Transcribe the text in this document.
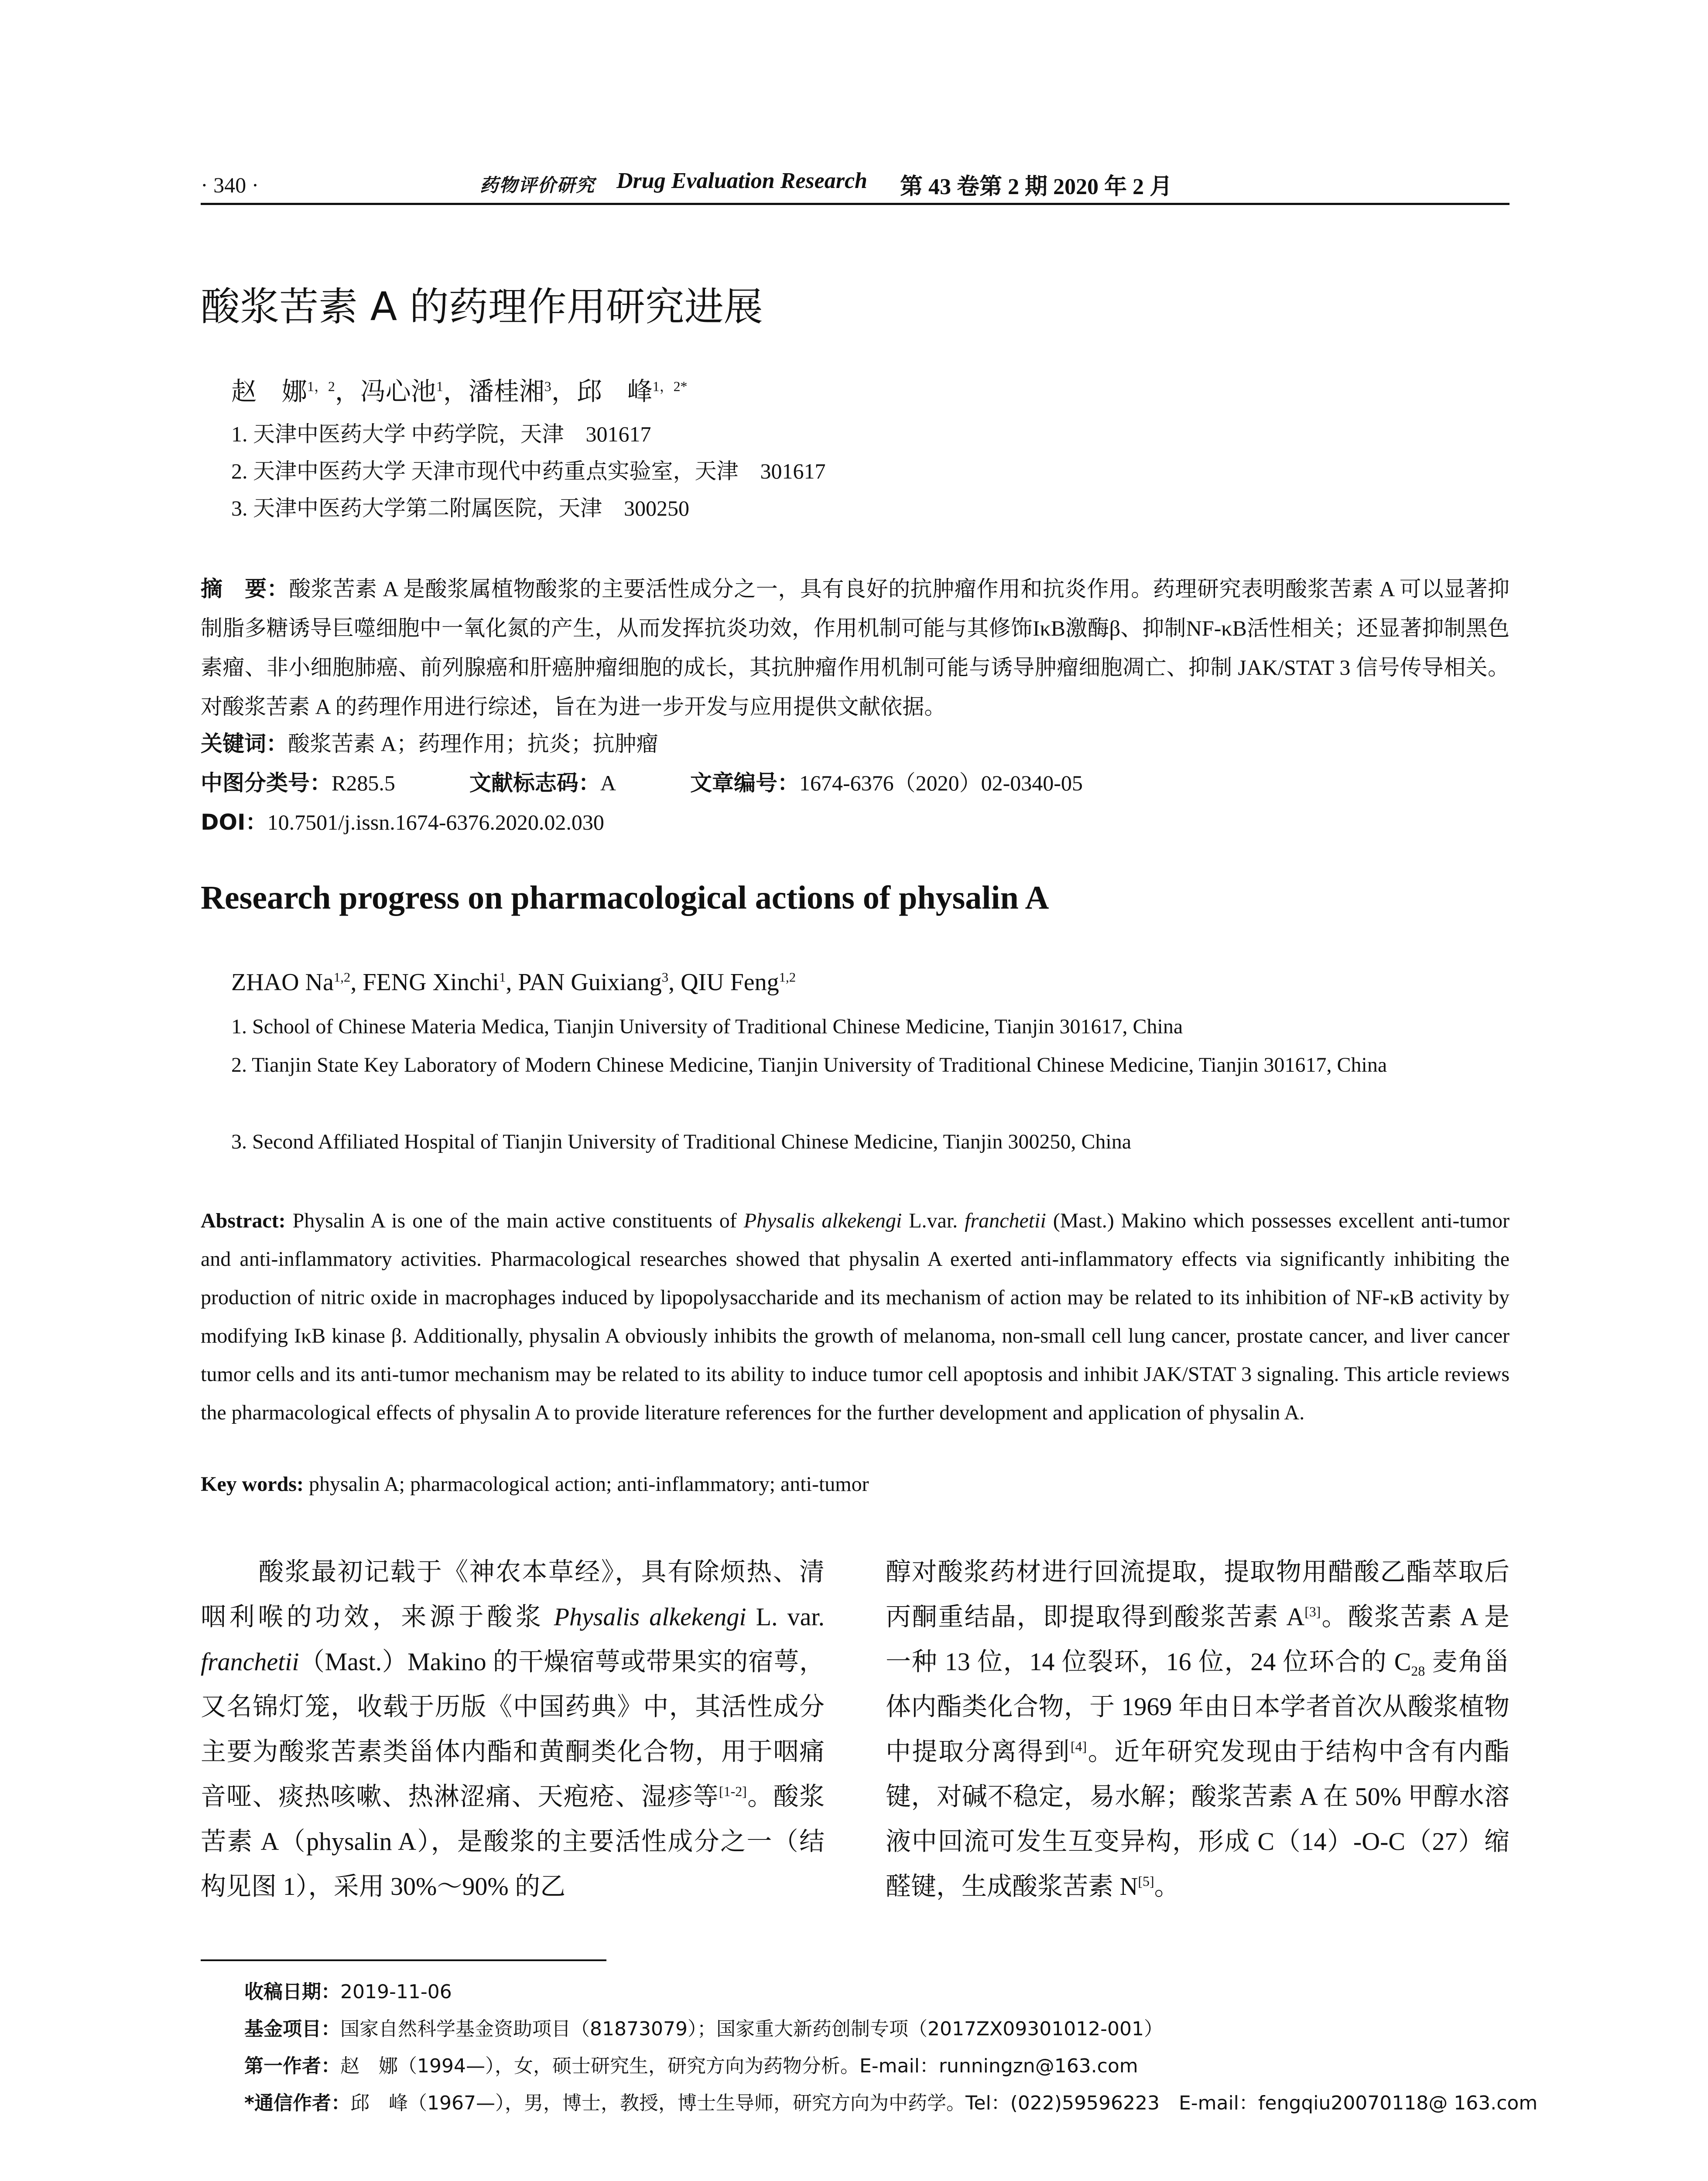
· 340 ·	药物评价研究 Drug Evaluation Research 第 43 卷第 2 期 2020 年 2 月
酸浆苦素 A 的药理作用研究进展
赵　娜$^{1,2}$，冯心池$^1$，潘桂湘$^3$，邱　峰$^{1,2*}$
1. 天津中医药大学 中药学院，天津　301617
2. 天津中医药大学 天津市现代中药重点实验室，天津　301617
3. 天津中医药大学第二附属医院，天津　300250
摘　要：酸浆苦素 A 是酸浆属植物酸浆的主要活性成分之一，具有良好的抗肿瘤作用和抗炎作用。药理研究表明酸浆苦素 A 可以显著抑制脂多糖诱导巨噬细胞中一氧化氮的产生，从而发挥抗炎功效，作用机制可能与其修饰IκB激酶β、抑制NF-κB活性相关；还显著抑制黑色素瘤、非小细胞肺癌、前列腺癌和肝癌肿瘤细胞的成长，其抗肿瘤作用机制可能与诱导肿瘤细胞凋亡、抑制 JAK/STAT 3 信号传导相关。对酸浆苦素 A 的药理作用进行综述，旨在为进一步开发与应用提供文献依据。
关键词：酸浆苦素 A；药理作用；抗炎；抗肿瘤
中图分类号：R285.5	文献标志码：A	文章编号：1674-6376（2020）02-0340-05
DOI：10.7501/j.issn.1674-6376.2020.02.030
Research progress on pharmacological actions of physalin A
ZHAO Na$^{1,2}$, FENG Xinchi$^1$, PAN Guixiang$^3$, QIU Feng$^{1,2}$
1. School of Chinese Materia Medica, Tianjin University of Traditional Chinese Medicine, Tianjin 301617, China
2. Tianjin State Key Laboratory of Modern Chinese Medicine, Tianjin University of Traditional Chinese Medicine, Tianjin 301617, China
3. Second Affiliated Hospital of Tianjin University of Traditional Chinese Medicine, Tianjin 300250, China
Abstract: Physalin A is one of the main active constituents of Physalis alkekengi L.var. franchetii (Mast.) Makino which possesses excellent anti-tumor and anti-inflammatory activities. Pharmacological researches showed that physalin A exerted anti-inflammatory effects via significantly inhibiting the production of nitric oxide in macrophages induced by lipopolysaccharide and its mechanism of action may be related to its inhibition of NF-κB activity by modifying IκB kinase β. Additionally, physalin A obviously inhibits the growth of melanoma, non-small cell lung cancer, prostate cancer, and liver cancer tumor cells and its anti-tumor mechanism may be related to its ability to induce tumor cell apoptosis and inhibit JAK/STAT 3 signaling. This article reviews the pharmacological effects of physalin A to provide literature references for the further development and application of physalin A.
Key words: physalin A; pharmacological action; anti-inflammatory; anti-tumor
酸浆最初记载于《神农本草经》，具有除烦热、清咽利喉的功效，来源于酸浆 Physalis alkekengi L. var. franchetii（Mast.）Makino 的干燥宿萼或带果实的宿萼，又名锦灯笼，收载于历版《中国药典》中，其活性成分主要为酸浆苦素类甾体内酯和黄酮类化合物，用于咽痛音哑、痰热咳嗽、热淋涩痛、天疱疮、湿疹等[1-2]。酸浆苦素 A（physalin A），是酸浆的主要活性成分之一（结构见图 1），采用 30%～90% 的乙
醇对酸浆药材进行回流提取，提取物用醋酸乙酯萃取后丙酮重结晶，即提取得到酸浆苦素 A[3]。酸浆苦素 A 是一种 13 位，14 位裂环，16 位，24 位环合的 $C_{28}$ 麦角甾体内酯类化合物，于 1969 年由日本学者首次从酸浆植物中提取分离得到[4]。近年研究发现由于结构中含有内酯键，对碱不稳定，易水解；酸浆苦素 A 在 50% 甲醇水溶液中回流可发生互变异构，形成 C（14）-O-C（27）缩醛键，生成酸浆苦素 N[5]。
收稿日期：2019-11-06
基金项目：国家自然科学基金资助项目（81873079）；国家重大新药创制专项（2017ZX09301012-001）
第一作者：赵　娜（1994—），女，硕士研究生，研究方向为药物分析。E-mail：runningzn@163.com
*通信作者：邱　峰（1967—），男，博士，教授，博士生导师，研究方向为中药学。Tel：(022)59596223　E-mail：fengqiu20070118@ 163.com
